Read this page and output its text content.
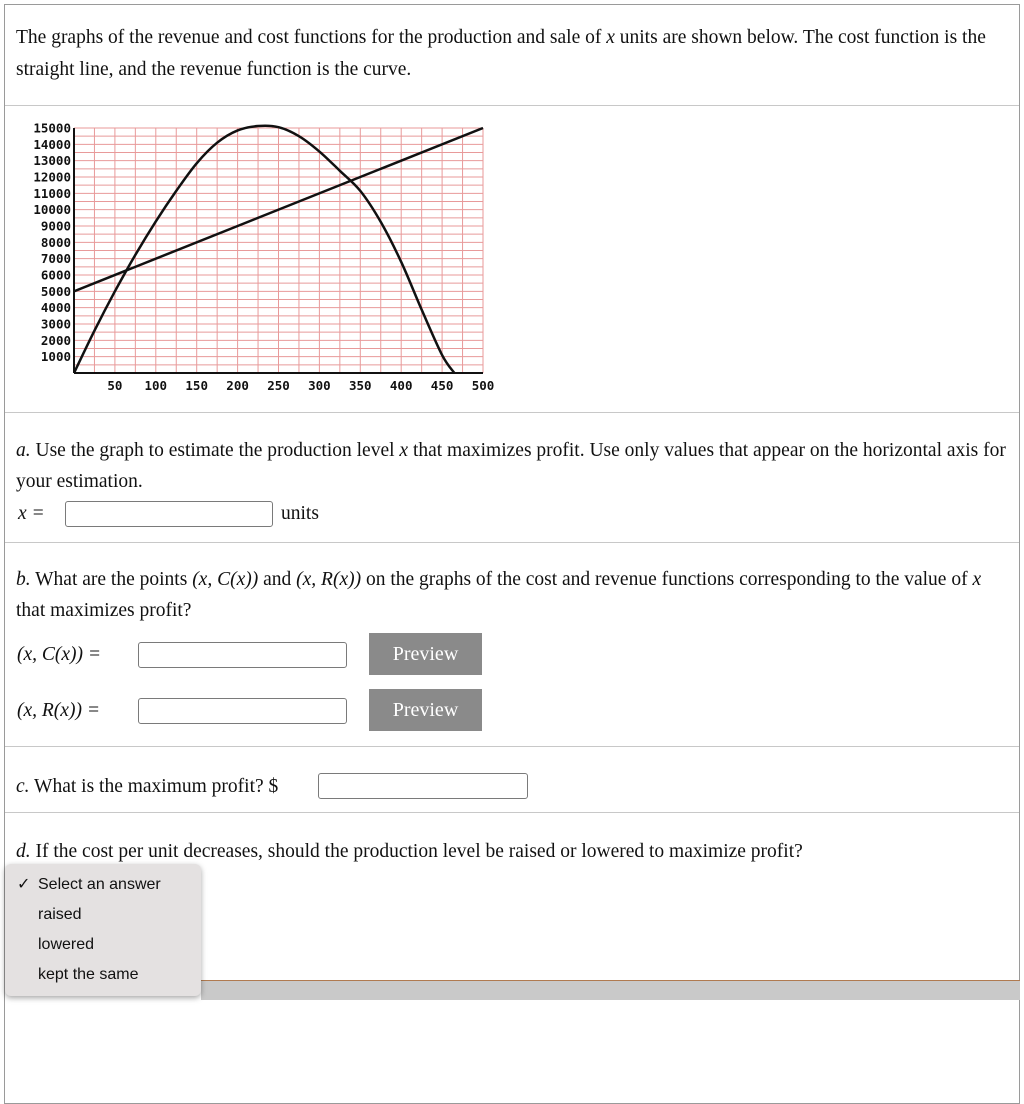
The graphs of the revenue and cost functions for the production and sale of x units are shown below. The cost function is the straight line, and the revenue function is the curve.
15000
14000
13000
12000
11000
10000
9000
8000
7000
6000
5000
4000
3000
2000
1000
50 100 150 200 250 300 350 400 450 500
a. Use the graph to estimate the production level x that maximizes profit. Use only values that appear on the horizontal axis for your estimation.
x =	units
b. What are the points (x, C(x)) and (x, R(x)) on the graphs of the cost and revenue functions corresponding to the value of x that maximizes profit?
(x, C(x)) =	Preview
(x, R(x)) =	Preview
c. What is the maximum profit? $
d. If the cost per unit decreases, should the production level be raised or lowered to maximize profit?
✓ Select an answer
raised
lowered
kept the same
